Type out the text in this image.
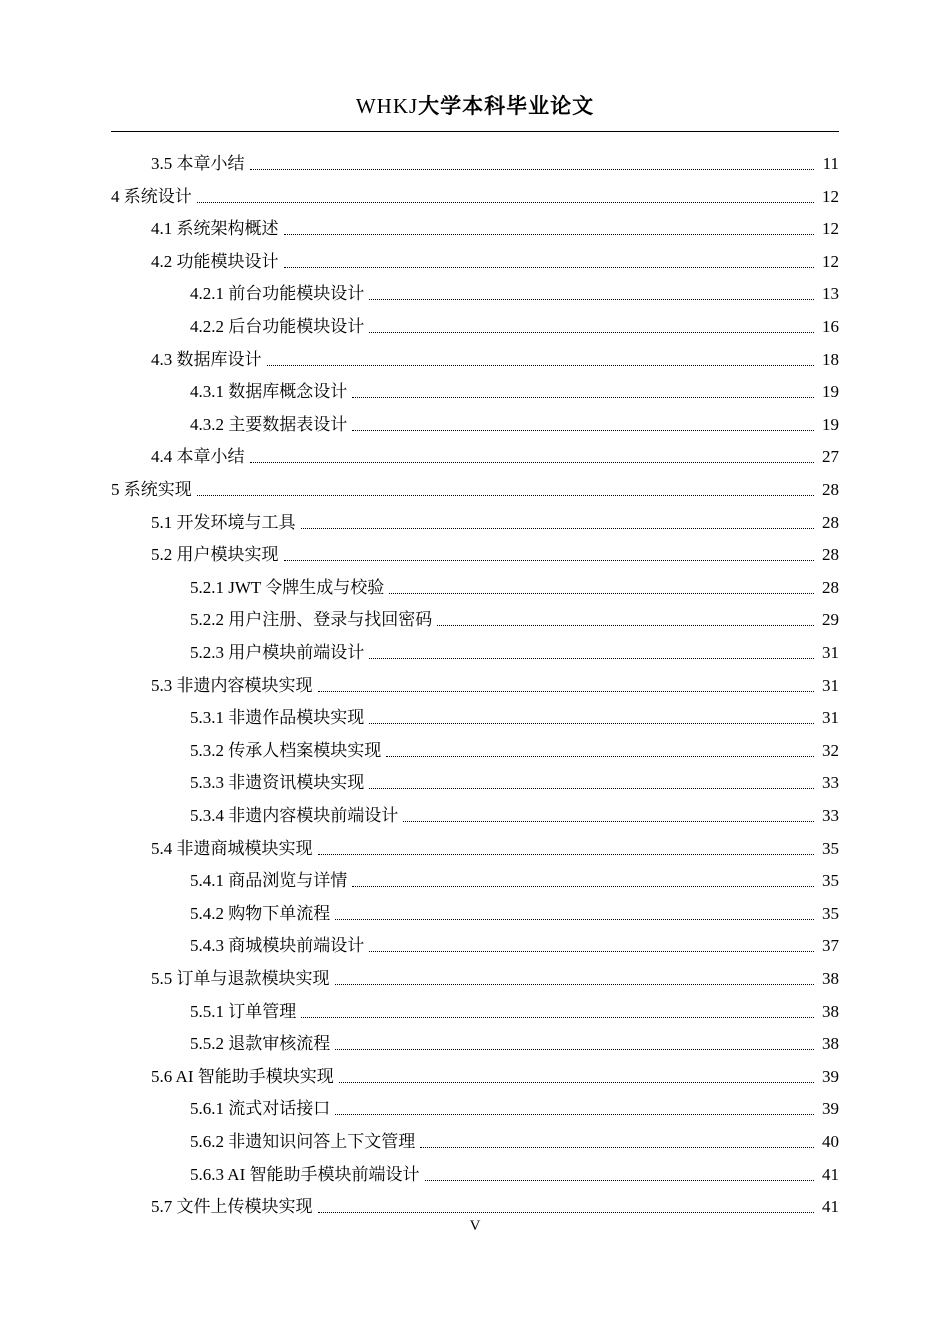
WHKJ大学本科毕业论文
3.5 本章小结	11
4 系统设计	12
4.1 系统架构概述	12
4.2 功能模块设计	12
4.2.1 前台功能模块设计	13
4.2.2 后台功能模块设计	16
4.3 数据库设计	18
4.3.1 数据库概念设计	19
4.3.2 主要数据表设计	19
4.4 本章小结	27
5 系统实现	28
5.1 开发环境与工具	28
5.2 用户模块实现	28
5.2.1 JWT 令牌生成与校验	28
5.2.2 用户注册、登录与找回密码	29
5.2.3 用户模块前端设计	31
5.3 非遗内容模块实现	31
5.3.1 非遗作品模块实现	31
5.3.2 传承人档案模块实现	32
5.3.3 非遗资讯模块实现	33
5.3.4 非遗内容模块前端设计	33
5.4 非遗商城模块实现	35
5.4.1 商品浏览与详情	35
5.4.2 购物下单流程	35
5.4.3 商城模块前端设计	37
5.5 订单与退款模块实现	38
5.5.1 订单管理	38
5.5.2 退款审核流程	38
5.6 AI 智能助手模块实现	39
5.6.1 流式对话接口	39
5.6.2 非遗知识问答上下文管理	40
5.6.3 AI 智能助手模块前端设计	41
5.7 文件上传模块实现	41
V
